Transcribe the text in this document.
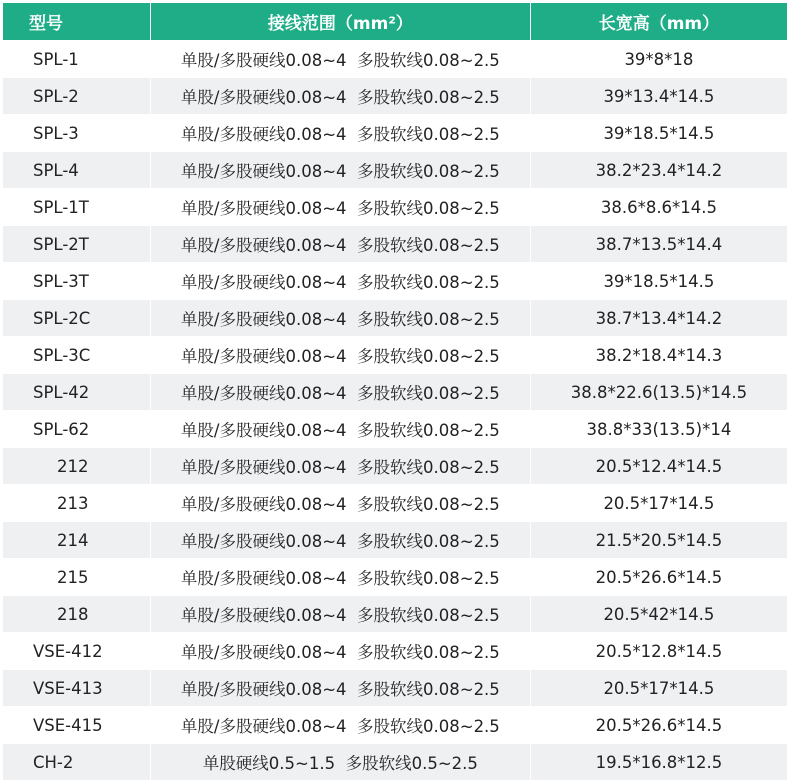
型号	接线范围（mm²）	长宽高（mm）
SPL-1	单股/多股硬线0.08~4  多股软线0.08~2.5	39*8*18
SPL-2	单股/多股硬线0.08~4  多股软线0.08~2.5	39*13.4*14.5
SPL-3	单股/多股硬线0.08~4  多股软线0.08~2.5	39*18.5*14.5
SPL-4	单股/多股硬线0.08~4  多股软线0.08~2.5	38.2*23.4*14.2
SPL-1T	单股/多股硬线0.08~4  多股软线0.08~2.5	38.6*8.6*14.5
SPL-2T	单股/多股硬线0.08~4  多股软线0.08~2.5	38.7*13.5*14.4
SPL-3T	单股/多股硬线0.08~4  多股软线0.08~2.5	39*18.5*14.5
SPL-2C	单股/多股硬线0.08~4  多股软线0.08~2.5	38.7*13.4*14.2
SPL-3C	单股/多股硬线0.08~4  多股软线0.08~2.5	38.2*18.4*14.3
SPL-42	单股/多股硬线0.08~4  多股软线0.08~2.5	38.8*22.6(13.5)*14.5
SPL-62	单股/多股硬线0.08~4  多股软线0.08~2.5	38.8*33(13.5)*14
212	单股/多股硬线0.08~4  多股软线0.08~2.5	20.5*12.4*14.5
213	单股/多股硬线0.08~4  多股软线0.08~2.5	20.5*17*14.5
214	单股/多股硬线0.08~4  多股软线0.08~2.5	21.5*20.5*14.5
215	单股/多股硬线0.08~4  多股软线0.08~2.5	20.5*26.6*14.5
218	单股/多股硬线0.08~4  多股软线0.08~2.5	20.5*42*14.5
VSE-412	单股/多股硬线0.08~4  多股软线0.08~2.5	20.5*12.8*14.5
VSE-413	单股/多股硬线0.08~4  多股软线0.08~2.5	20.5*17*14.5
VSE-415	单股/多股硬线0.08~4  多股软线0.08~2.5	20.5*26.6*14.5
CH-2	单股硬线0.5~1.5  多股软线0.5~2.5	19.5*16.8*12.5
